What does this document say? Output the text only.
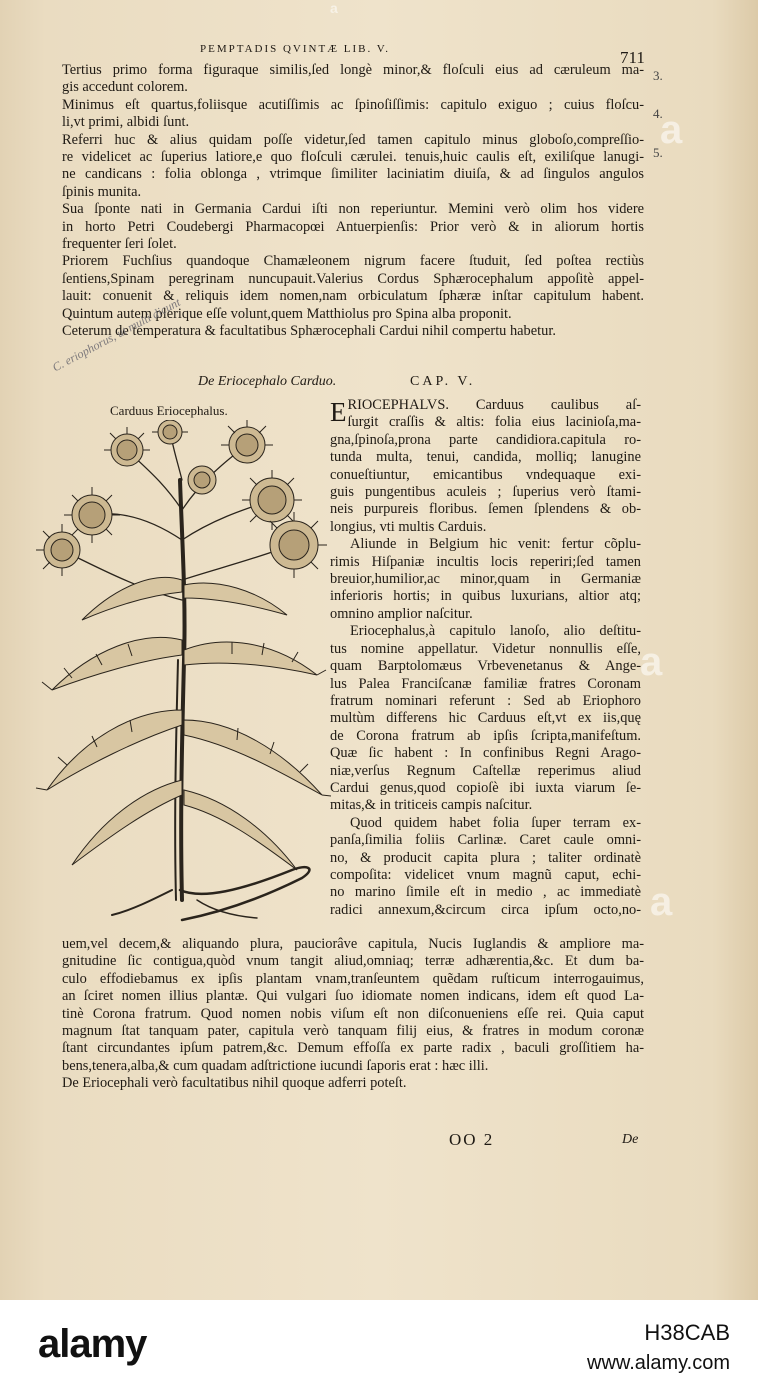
a
a
a
a
PEMPTADIS QVINTÆ LIB. V.	711
3.
4.
5.
Tertius primo forma figuraque similis,ſed longè minor,& floſculi eius ad cæruleum ma-
gis accedunt colorem.
Minimus eſt quartus,foliisque acutiſſimis ac ſpinoſiſſimis: capitulo exiguo ; cuius floſcu-
li,vt primi, albidi ſunt.
Referri huc & alius quidam poſſe videtur,ſed tamen capitulo minus globoſo,compreſſio-
re videlicet ac ſuperius latiore,e quo floſculi cærulei. tenuis,huic caulis eſt, exiliſque lanugi-
ne candicans : folia oblonga , vtrimque ſimiliter laciniatim diuiſa, & ad ſingulos angulos
ſpinis munita.
Sua ſponte nati in Germania Cardui iſti non reperiuntur. Memini verò olim hos videre
in horto Petri Coudebergi Pharmacopœi Antuerpienſis: Prior verò & in aliorum hortis
frequenter ſeri ſolet.
Priorem Fuchſius quandoque Chamæleonem nigrum facere ſtuduit, ſed poſtea rectiùs
ſentiens,Spinam peregrinam nuncupauit.Valerius Cordus Sphærocephalum appoſitè appel-
lauit: conuenit & reliquis idem nomen,nam orbiculatum ſphæræ inſtar capitulum habent.
Quintum autem plerique eſſe volunt,quem Matthiolus pro Spina alba proponit.
Ceterum de temperatura & facultatibus Sphærocephali Cardui nihil compertu habetur.
C. eriophorus, ut multi dicunt
De Eriocephalo Carduo.	CAP. V.
Carduus Eriocephalus.	E RIOCEPHALVS. Carduus caulibus aſ-
ſurgit craſſis & altis: folia eius lacinioſa,ma-
gna,ſpinoſa,prona parte candidiora.capitula ro-
tunda multa, tenui, candida, molliq; lanugine
conueſtiuntur, emicantibus vndequaque exi-
guis pungentibus aculeis ; ſuperius verò ſtami-
neis purpureis floribus. ſemen ſplendens & ob-
longius, vti multis Carduis.
Aliunde in Belgium hic venit: fertur cõplu-
rimis Hiſpaniæ incultis locis reperiri;ſed tamen
breuior,humilior,ac minor,quam in Germaniæ
inferioris hortis; in quibus luxurians, altior atq;
omnino amplior naſcitur.
Eriocephalus,à capitulo lanoſo, alio deſtitu-
tus nomine appellatur. Videtur nonnullis eſſe,
quam Barptolomæus Vrbevenetanus & Ange-
lus Palea Franciſcanæ familiæ fratres Coronam
fratrum nominari referunt : Sed ab Eriophoro
multùm differens hic Carduus eſt,vt ex iis,quę
de Corona fratrum ab ipſis ſcripta,manifeſtum.
Quæ ſic habent : In confinibus Regni Arago-
niæ,verſus Regnum Caſtellæ reperimus aliud
Cardui genus,quod copioſè ibi iuxta viarum ſe-
mitas,& in triticeis campis naſcitur.
Quod quidem habet folia ſuper terram ex-
panſa,ſimilia foliis Carlinæ. Caret caule omni-
no, & producit capita plura ; taliter ordinatè
compoſita: videlicet vnum magnũ caput, echi-
no marino ſimile eſt in medio , ac immediatè
radici annexum,&circum circa ipſum octo,no-
uem,vel decem,& aliquando plura, pauciorâve capitula, Nucis Iuglandis & ampliore ma-
gnitudine ſic contigua,quòd vnum tangit aliud,omniaq; terræ adhærentia,&c. Et dum ba-
culo effodiebamus ex ipſis plantam vnam,tranſeuntem quẽdam ruſticum interrogauimus,
an ſciret nomen illius plantæ. Qui vulgari ſuo idiomate nomen indicans, idem eſt quod La-
tinè Corona fratrum. Quod nomen nobis viſum eſt non diſconueniens eſſe rei. Quia caput
magnum ſtat tanquam pater, capitula verò tanquam filij eius, & fratres in modum coronæ
ſtant circundantes ipſum patrem,&c. Demum effoſſa ex parte radix , baculi groſſitiem ha-
bens,tenera,alba,& cum quadam adſtrictione iucundi ſaporis erat : hæc illi.
De Eriocephali verò facultatibus nihil quoque adferri poteſt.
OO 2	De
alamy	H38CAB
www.alamy.com
